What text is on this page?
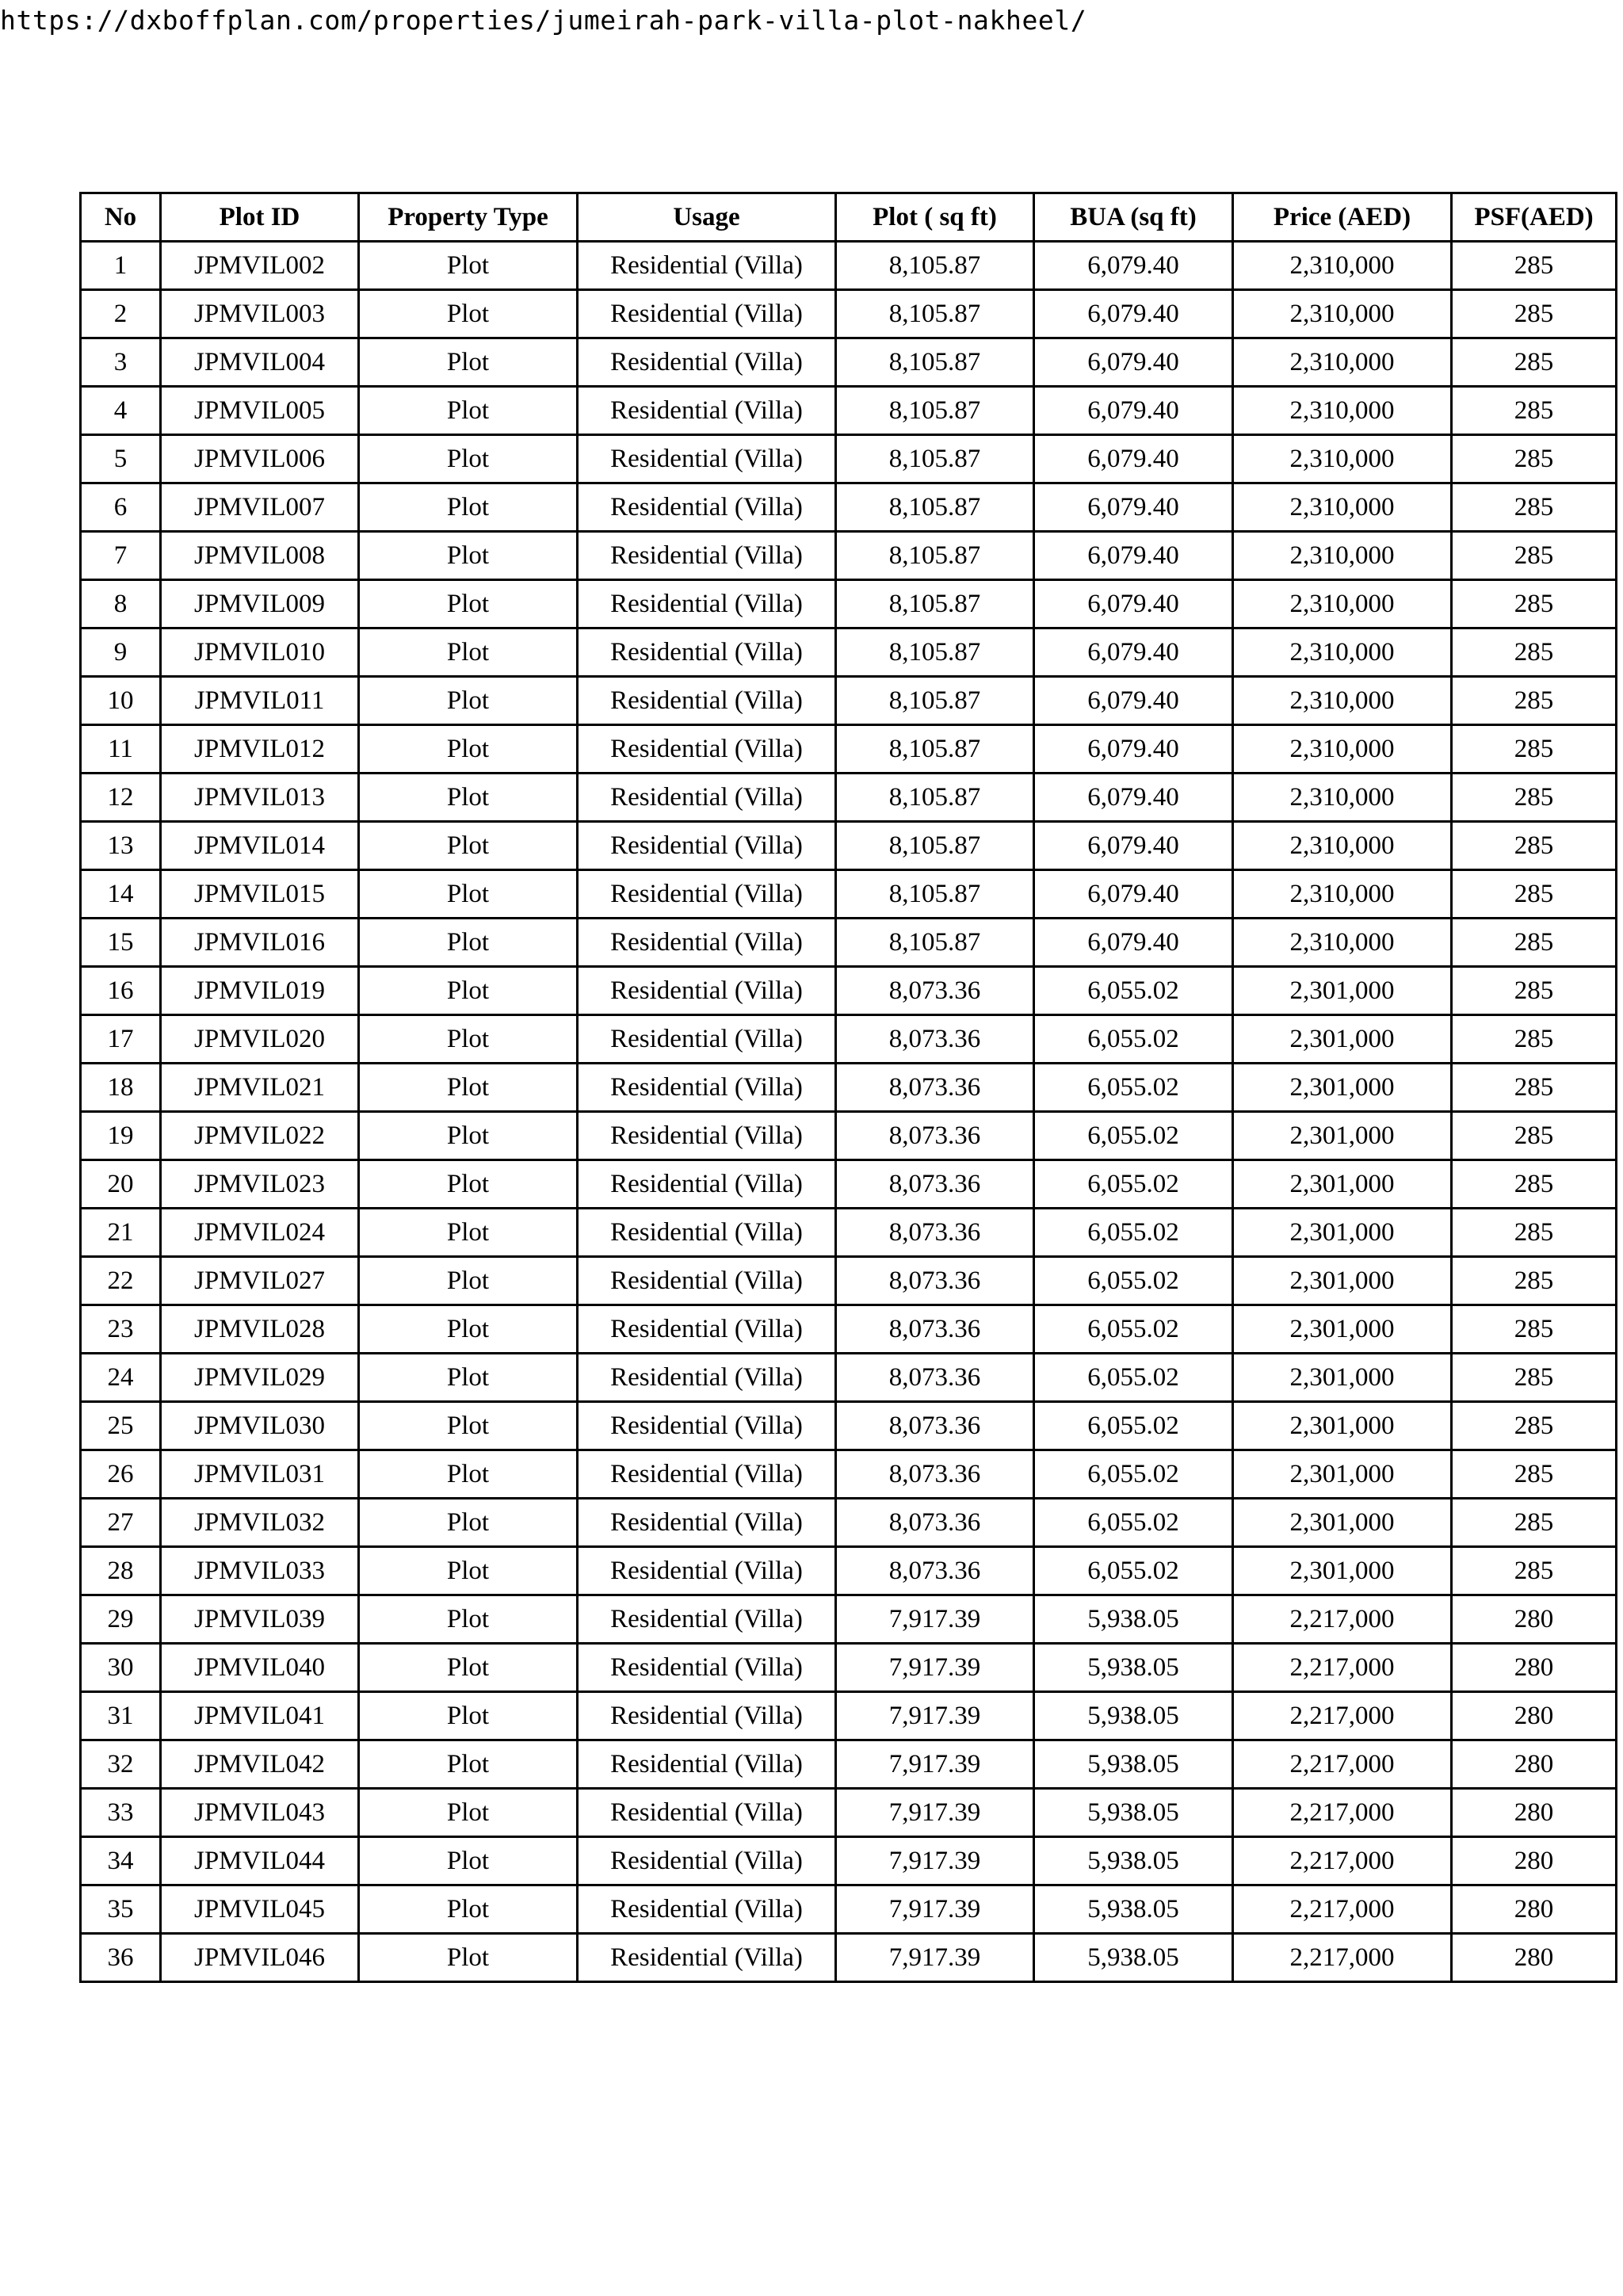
https://dxboffplan.com/properties/jumeirah-park-villa-plot-nakheel/
No	Plot ID	Property Type	Usage	Plot ( sq ft)	BUA (sq ft)	Price (AED)	PSF(AED)
1	JPMVIL002	Plot	Residential (Villa)	8,105.87	6,079.40	2,310,000	285
2	JPMVIL003	Plot	Residential (Villa)	8,105.87	6,079.40	2,310,000	285
3	JPMVIL004	Plot	Residential (Villa)	8,105.87	6,079.40	2,310,000	285
4	JPMVIL005	Plot	Residential (Villa)	8,105.87	6,079.40	2,310,000	285
5	JPMVIL006	Plot	Residential (Villa)	8,105.87	6,079.40	2,310,000	285
6	JPMVIL007	Plot	Residential (Villa)	8,105.87	6,079.40	2,310,000	285
7	JPMVIL008	Plot	Residential (Villa)	8,105.87	6,079.40	2,310,000	285
8	JPMVIL009	Plot	Residential (Villa)	8,105.87	6,079.40	2,310,000	285
9	JPMVIL010	Plot	Residential (Villa)	8,105.87	6,079.40	2,310,000	285
10	JPMVIL011	Plot	Residential (Villa)	8,105.87	6,079.40	2,310,000	285
11	JPMVIL012	Plot	Residential (Villa)	8,105.87	6,079.40	2,310,000	285
12	JPMVIL013	Plot	Residential (Villa)	8,105.87	6,079.40	2,310,000	285
13	JPMVIL014	Plot	Residential (Villa)	8,105.87	6,079.40	2,310,000	285
14	JPMVIL015	Plot	Residential (Villa)	8,105.87	6,079.40	2,310,000	285
15	JPMVIL016	Plot	Residential (Villa)	8,105.87	6,079.40	2,310,000	285
16	JPMVIL019	Plot	Residential (Villa)	8,073.36	6,055.02	2,301,000	285
17	JPMVIL020	Plot	Residential (Villa)	8,073.36	6,055.02	2,301,000	285
18	JPMVIL021	Plot	Residential (Villa)	8,073.36	6,055.02	2,301,000	285
19	JPMVIL022	Plot	Residential (Villa)	8,073.36	6,055.02	2,301,000	285
20	JPMVIL023	Plot	Residential (Villa)	8,073.36	6,055.02	2,301,000	285
21	JPMVIL024	Plot	Residential (Villa)	8,073.36	6,055.02	2,301,000	285
22	JPMVIL027	Plot	Residential (Villa)	8,073.36	6,055.02	2,301,000	285
23	JPMVIL028	Plot	Residential (Villa)	8,073.36	6,055.02	2,301,000	285
24	JPMVIL029	Plot	Residential (Villa)	8,073.36	6,055.02	2,301,000	285
25	JPMVIL030	Plot	Residential (Villa)	8,073.36	6,055.02	2,301,000	285
26	JPMVIL031	Plot	Residential (Villa)	8,073.36	6,055.02	2,301,000	285
27	JPMVIL032	Plot	Residential (Villa)	8,073.36	6,055.02	2,301,000	285
28	JPMVIL033	Plot	Residential (Villa)	8,073.36	6,055.02	2,301,000	285
29	JPMVIL039	Plot	Residential (Villa)	7,917.39	5,938.05	2,217,000	280
30	JPMVIL040	Plot	Residential (Villa)	7,917.39	5,938.05	2,217,000	280
31	JPMVIL041	Plot	Residential (Villa)	7,917.39	5,938.05	2,217,000	280
32	JPMVIL042	Plot	Residential (Villa)	7,917.39	5,938.05	2,217,000	280
33	JPMVIL043	Plot	Residential (Villa)	7,917.39	5,938.05	2,217,000	280
34	JPMVIL044	Plot	Residential (Villa)	7,917.39	5,938.05	2,217,000	280
35	JPMVIL045	Plot	Residential (Villa)	7,917.39	5,938.05	2,217,000	280
36	JPMVIL046	Plot	Residential (Villa)	7,917.39	5,938.05	2,217,000	280
